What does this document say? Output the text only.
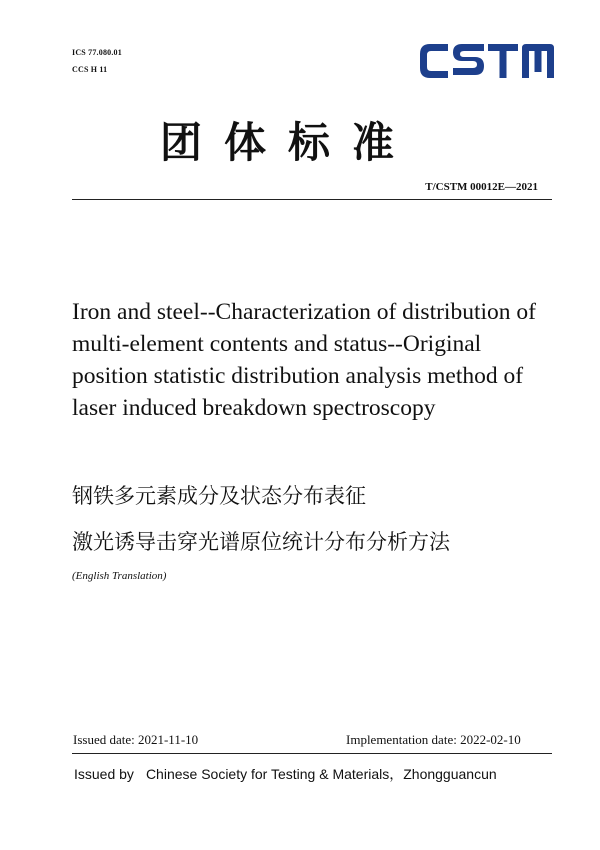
ICS 77.080.01
CCS H 11
团体标准
T/CSTM 00012E—2021
Iron and steel--Characterization of distribution of multi-element contents and status--Original position statistic distribution analysis method of laser induced breakdown spectroscopy
钢铁多元素成分及状态分布表征
激光诱导击穿光谱原位统计分布分析方法
(English Translation)
Issued date: 2021-11-10	Implementation date: 2022-02-10
Issued by Chinese Society for Testing & Materials，Zhongguancun
